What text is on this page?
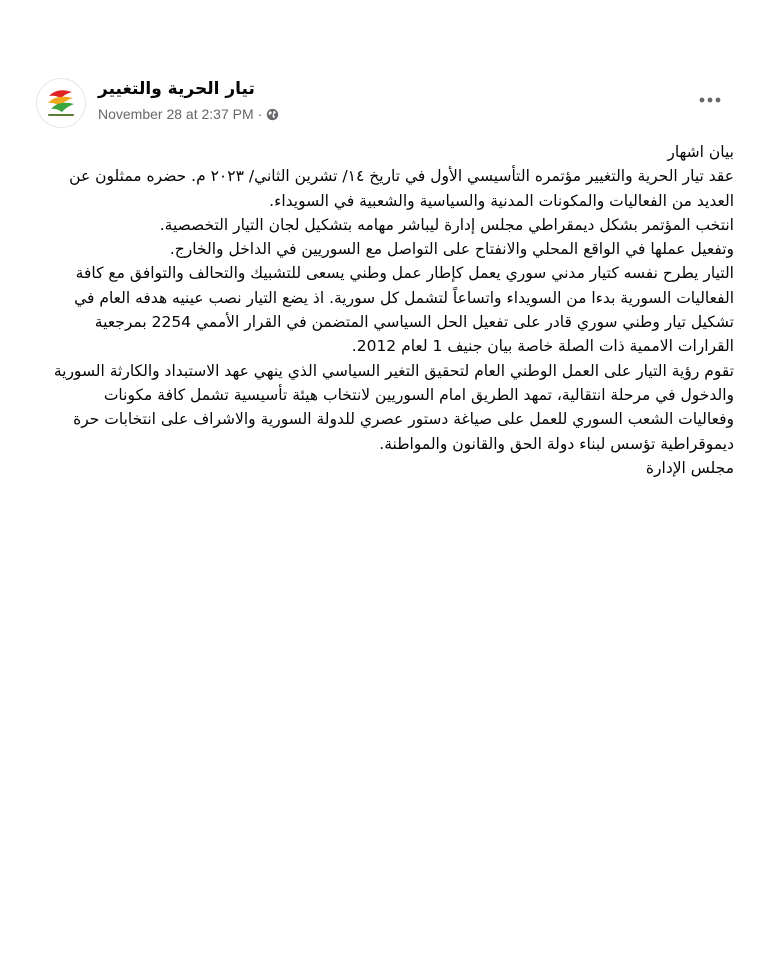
تيار الحرية والتغيير
November 28 at 2:37 PM ·

بيان اشهار

عقد تيار الحرية والتغيير مؤتمره التأسيسي الأول في تاريخ ١٤/ تشرين الثاني/ ٢٠٢٣ م. حضره ممثلون عن العديد من الفعاليات والمكونات المدنية والسياسية والشعبية في السويداء.

انتخب المؤتمر بشكل ديمقراطي مجلس إدارة ليباشر مهامه بتشكيل لجان التيار التخصصية.

وتفعيل عملها في الواقع المحلي والانفتاح على التواصل مع السوريين في الداخل والخارج.

التيار يطرح نفسه كتيار مدني سوري يعمل كإطار عمل وطني يسعى للتشبيك والتحالف والتوافق مع كافة الفعاليات السورية بدءا من السويداء واتساعاً لتشمل كل سورية. اذ يضع التيار نصب عينيه هدفه العام في تشكيل تيار وطني سوري قادر على تفعيل الحل السياسي المتضمن في القرار الأممي 2254 بمرجعية القرارات الاممية ذات الصلة خاصة بيان جنيف 1 لعام 2012.

تقوم رؤية التيار على العمل الوطني العام لتحقيق التغير السياسي الذي ينهي عهد الاستبداد والكارثة السورية والدخول في مرحلة انتقالية، تمهد الطريق امام السوريين لانتخاب هيئة تأسيسية تشمل كافة مكونات وفعاليات الشعب السوري للعمل على صياغة دستور عصري للدولة السورية والاشراف على انتخابات حرة ديموقراطية تؤسس لبناء دولة الحق والقانون والمواطنة.

مجلس الإدارة
